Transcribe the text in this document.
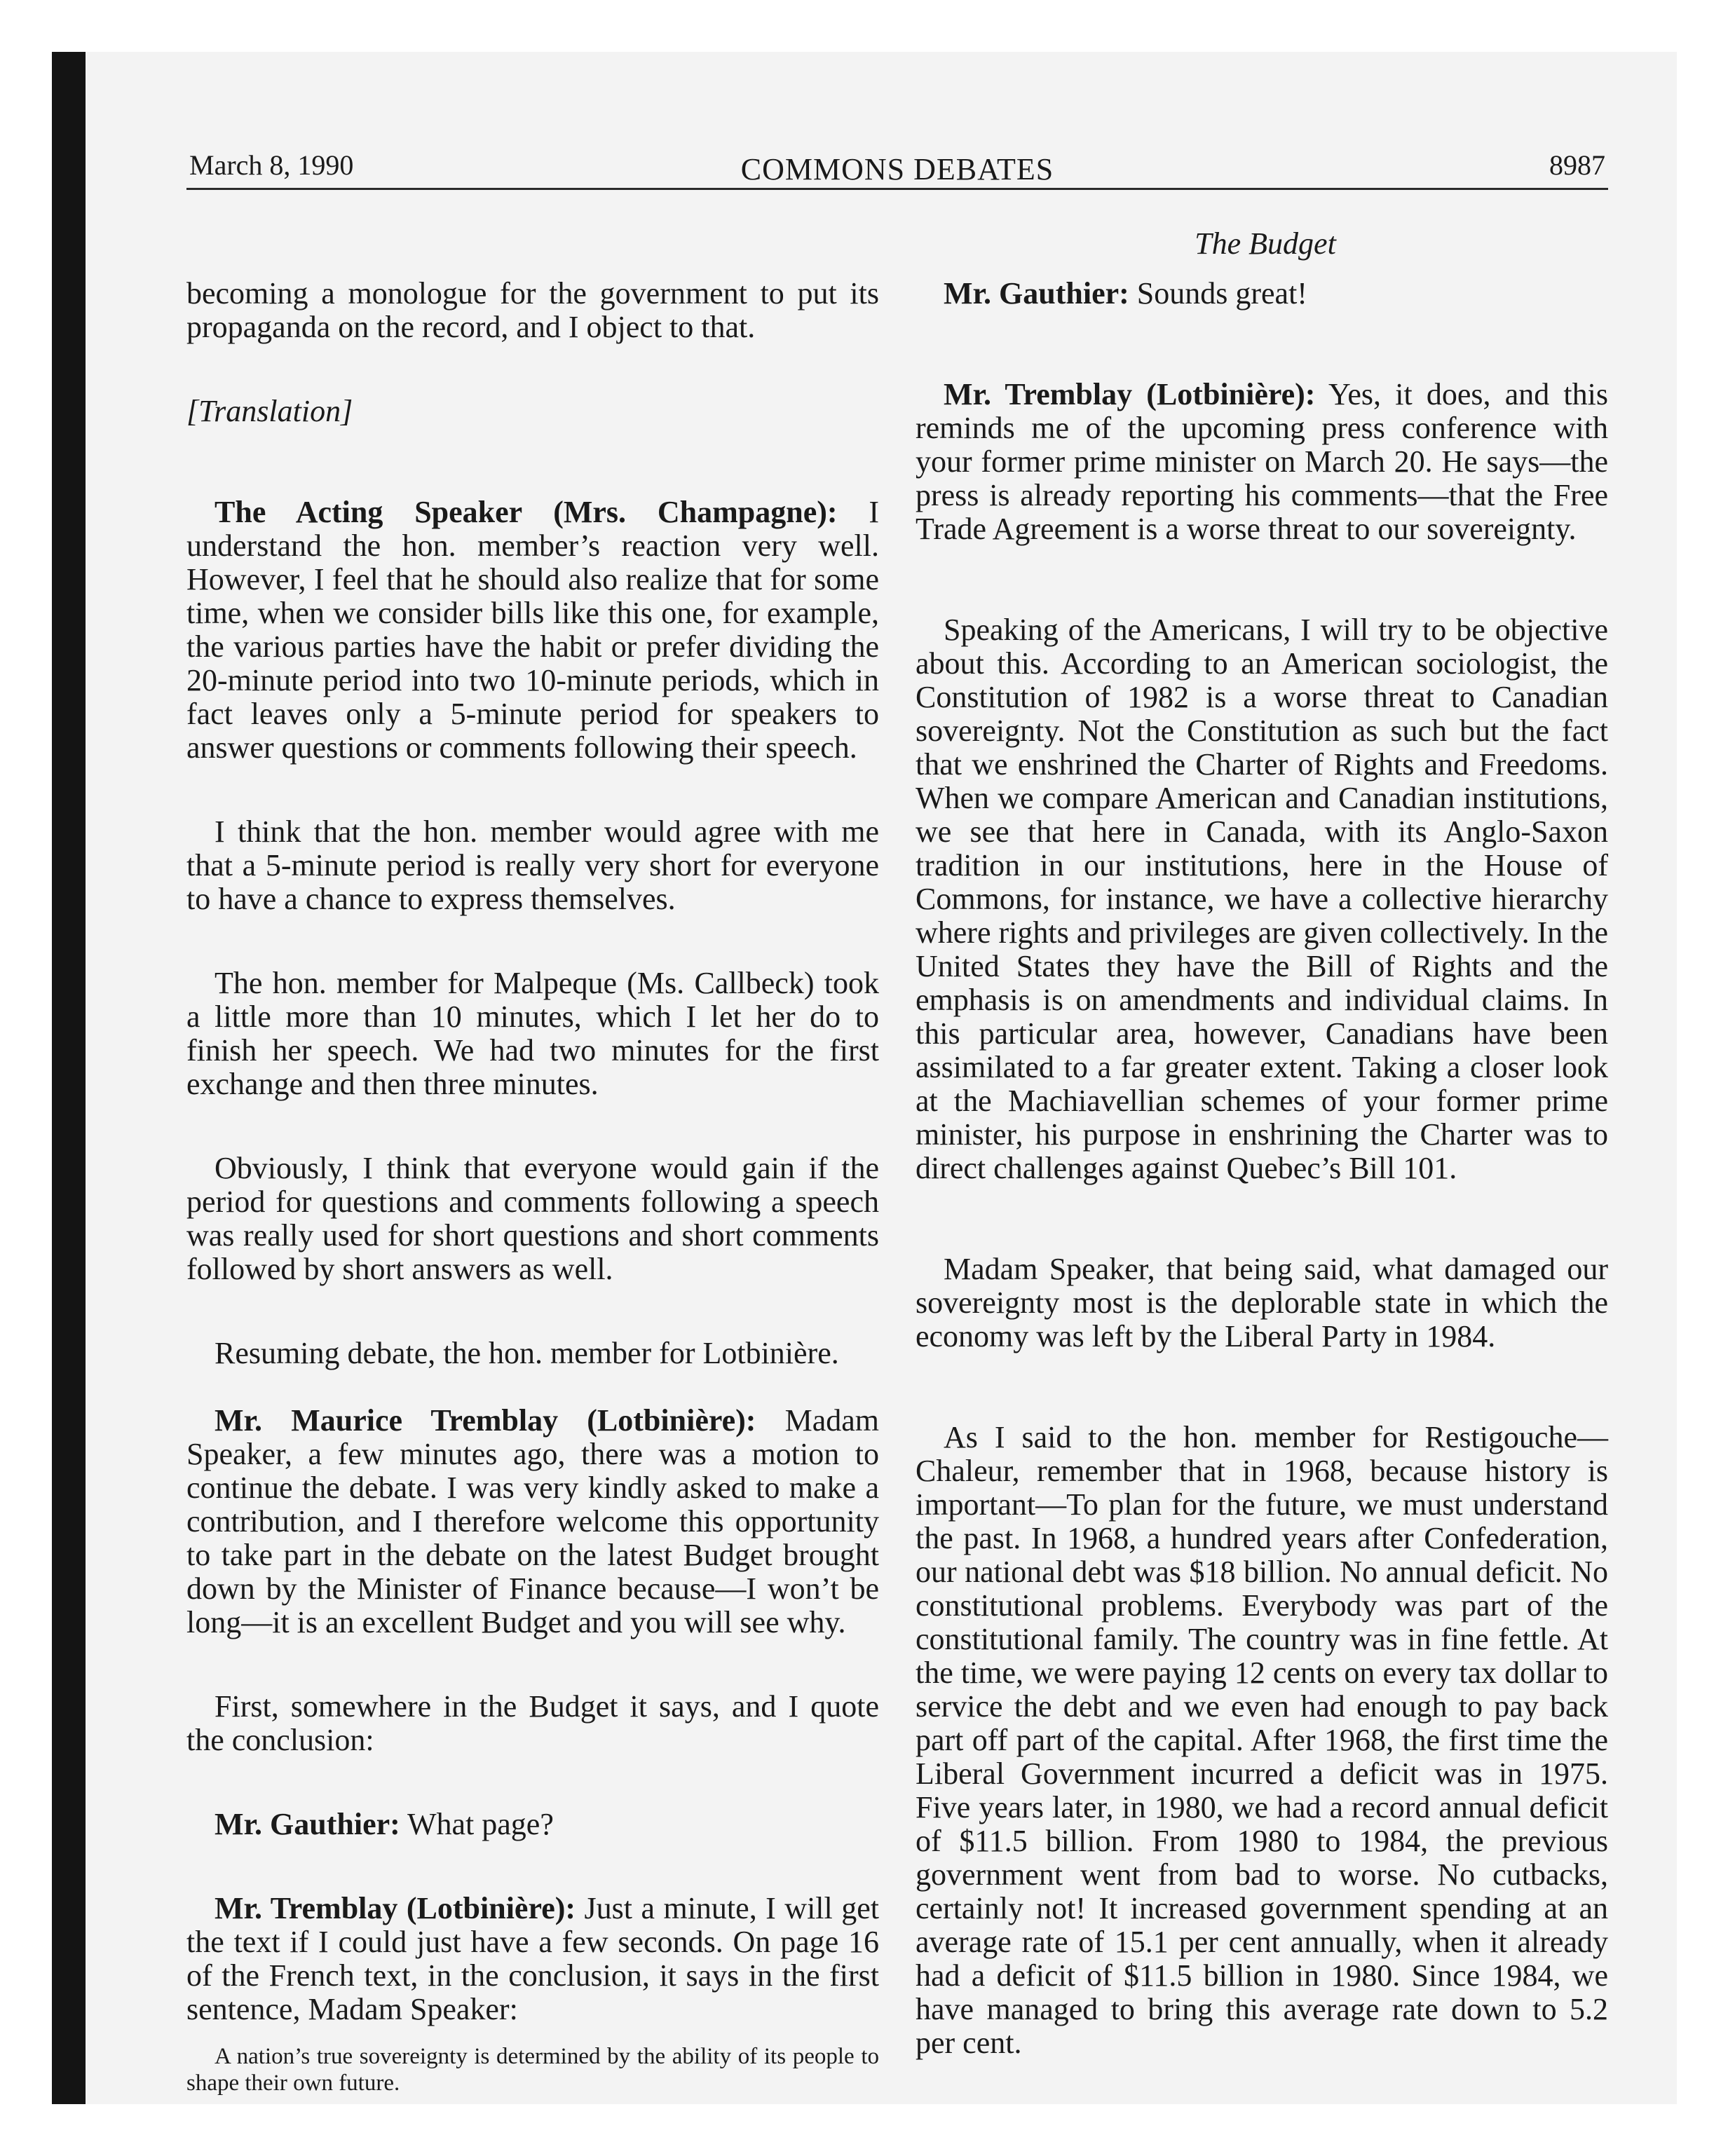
March 8, 1990	COMMONS DEBATES	8987
The Budget

becoming a monologue for the government to put its propaganda on the record, and I object to that.

[Translation]

The Acting Speaker (Mrs. Champagne): I understand the hon. member’s reaction very well. However, I feel that he should also realize that for some time, when we consider bills like this one, for example, the various parties have the habit or prefer dividing the 20-minute period into two 10-minute periods, which in fact leaves only a 5-minute period for speakers to answer questions or comments following their speech.

I think that the hon. member would agree with me that a 5-minute period is really very short for everyone to have a chance to express themselves.

The hon. member for Malpeque (Ms. Callbeck) took a little more than 10 minutes, which I let her do to finish her speech. We had two minutes for the first exchange and then three minutes.

Obviously, I think that everyone would gain if the period for questions and comments following a speech was really used for short questions and short comments followed by short answers as well.

Resuming debate, the hon. member for Lotbinière.

Mr. Maurice Tremblay (Lotbinière): Madam Speaker, a few minutes ago, there was a motion to continue the debate. I was very kindly asked to make a contribution, and I therefore welcome this opportunity to take part in the debate on the latest Budget brought down by the Minister of Finance because—I won’t be long—it is an excellent Budget and you will see why.

First, somewhere in the Budget it says, and I quote the conclusion:

Mr. Gauthier: What page?

Mr. Tremblay (Lotbinière): Just a minute, I will get the text if I could just have a few seconds. On page 16 of the French text, in the conclusion, it says in the first sentence, Madam Speaker:

A nation’s true sovereignty is determined by the ability of its people to shape their own future.

Mr. Gauthier: Sounds great!

Mr. Tremblay (Lotbinière): Yes, it does, and this reminds me of the upcoming press conference with your former prime minister on March 20. He says—the press is already reporting his comments—that the Free Trade Agreement is a worse threat to our sovereignty.

Speaking of the Americans, I will try to be objective about this. According to an American sociologist, the Constitution of 1982 is a worse threat to Canadian sovereignty. Not the Constitution as such but the fact that we enshrined the Charter of Rights and Freedoms. When we compare American and Canadian institutions, we see that here in Canada, with its Anglo-Saxon tradition in our institutions, here in the House of Commons, for instance, we have a collective hierarchy where rights and privileges are given collectively. In the United States they have the Bill of Rights and the emphasis is on amendments and individual claims. In this particular area, however, Canadians have been assimilated to a far greater extent. Taking a closer look at the Machiavellian schemes of your former prime minister, his purpose in enshrining the Charter was to direct challenges against Quebec’s Bill 101.

Madam Speaker, that being said, what damaged our sovereignty most is the deplorable state in which the economy was left by the Liberal Party in 1984.

As I said to the hon. member for Restigouche—Chaleur, remember that in 1968, because history is important—To plan for the future, we must understand the past. In 1968, a hundred years after Confederation, our national debt was $18 billion. No annual deficit. No constitutional problems. Everybody was part of the constitutional family. The country was in fine fettle. At the time, we were paying 12 cents on every tax dollar to service the debt and we even had enough to pay back part off part of the capital. After 1968, the first time the Liberal Government incurred a deficit was in 1975. Five years later, in 1980, we had a record annual deficit of $11.5 billion. From 1980 to 1984, the previous government went from bad to worse. No cutbacks, certainly not! It increased government spending at an average rate of 15.1 per cent annually, when it already had a deficit of $11.5 billion in 1980. Since 1984, we have managed to bring this average rate down to 5.2 per cent.
